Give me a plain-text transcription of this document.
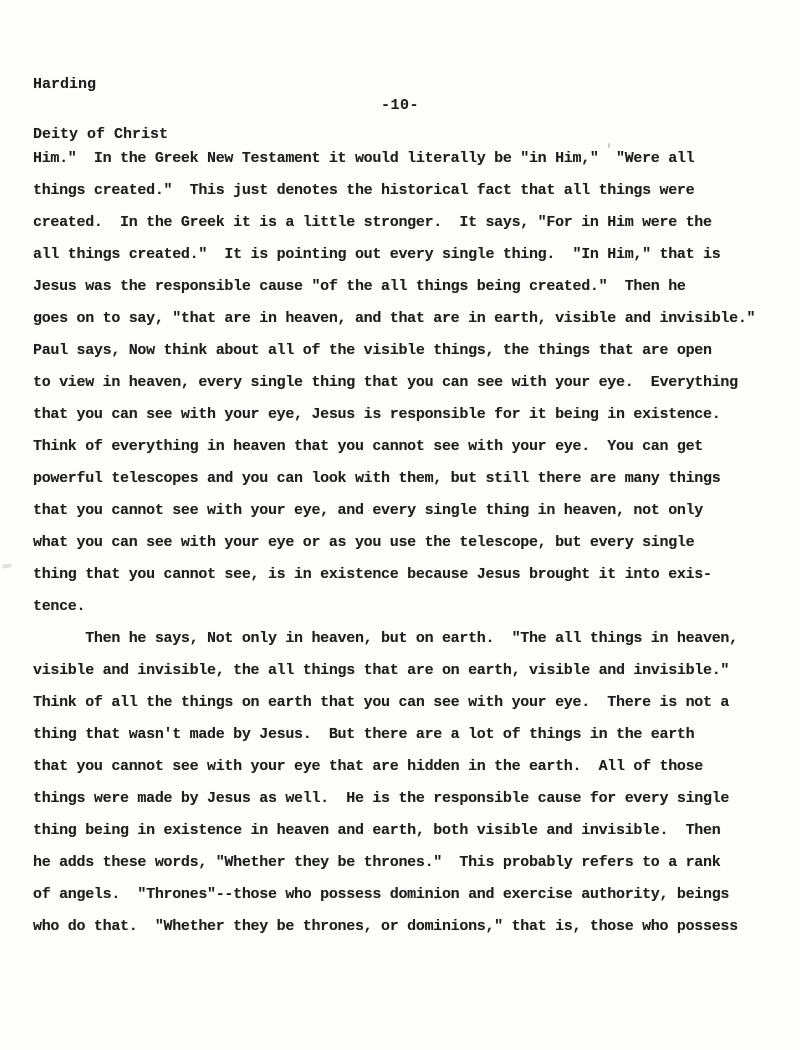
Harding

Deity of Christ

-10-
Him."  In the Greek New Testament it would literally be "in Him,"  "Were all
things created."  This just denotes the historical fact that all things were
created.  In the Greek it is a little stronger.  It says, "For in Him were the
all things created."  It is pointing out every single thing.  "In Him," that is
Jesus was the responsible cause "of the all things being created."  Then he
goes on to say, "that are in heaven, and that are in earth, visible and invisible."
Paul says, Now think about all of the visible things, the things that are open
to view in heaven, every single thing that you can see with your eye.  Everything
that you can see with your eye, Jesus is responsible for it being in existence.
Think of everything in heaven that you cannot see with your eye.  You can get
powerful telescopes and you can look with them, but still there are many things
that you cannot see with your eye, and every single thing in heaven, not only
what you can see with your eye or as you use the telescope, but every single
thing that you cannot see, is in existence because Jesus brought it into exis-
tence.
Then he says, Not only in heaven, but on earth.  "The all things in heaven,
visible and invisible, the all things that are on earth, visible and invisible."
Think of all the things on earth that you can see with your eye.  There is not a
thing that wasn't made by Jesus.  But there are a lot of things in the earth
that you cannot see with your eye that are hidden in the earth.  All of those
things were made by Jesus as well.  He is the responsible cause for every single
thing being in existence in heaven and earth, both visible and invisible.  Then
he adds these words, "Whether they be thrones."  This probably refers to a rank
of angels.  "Thrones"--those who possess dominion and exercise authority, beings
who do that.  "Whether they be thrones, or dominions," that is, those who possess
